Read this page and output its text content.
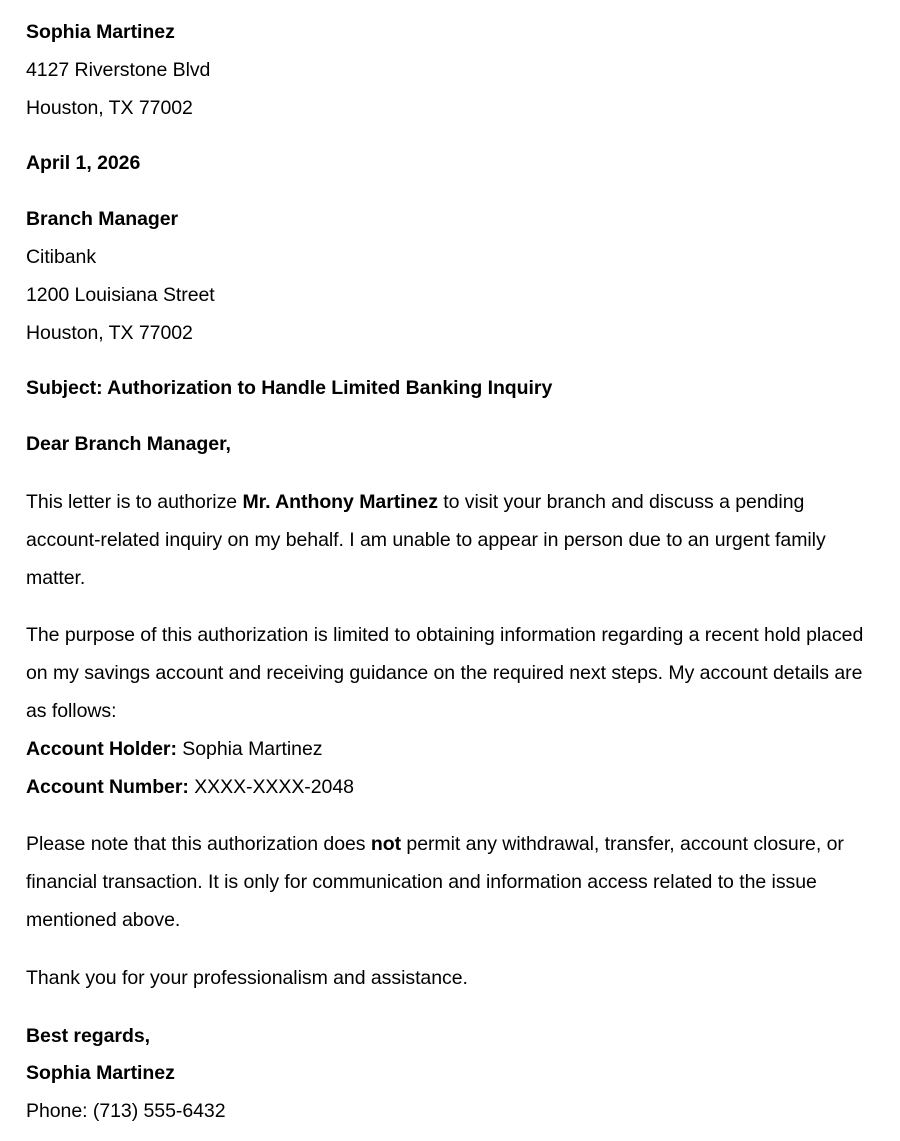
Sophia Martinez
4127 Riverstone Blvd
Houston, TX 77002
April 1, 2026
Branch Manager
Citibank
1200 Louisiana Street
Houston, TX 77002
Subject: Authorization to Handle Limited Banking Inquiry
Dear Branch Manager,
This letter is to authorize Mr. Anthony Martinez to visit your branch and discuss a pending account-related inquiry on my behalf. I am unable to appear in person due to an urgent family matter.
The purpose of this authorization is limited to obtaining information regarding a recent hold placed on my savings account and receiving guidance on the required next steps. My account details are as follows:
Account Holder: Sophia Martinez
Account Number: XXXX-XXXX-2048
Please note that this authorization does not permit any withdrawal, transfer, account closure, or financial transaction. It is only for communication and information access related to the issue mentioned above.
Thank you for your professionalism and assistance.
Best regards,
Sophia Martinez
Phone: (713) 555-6432
